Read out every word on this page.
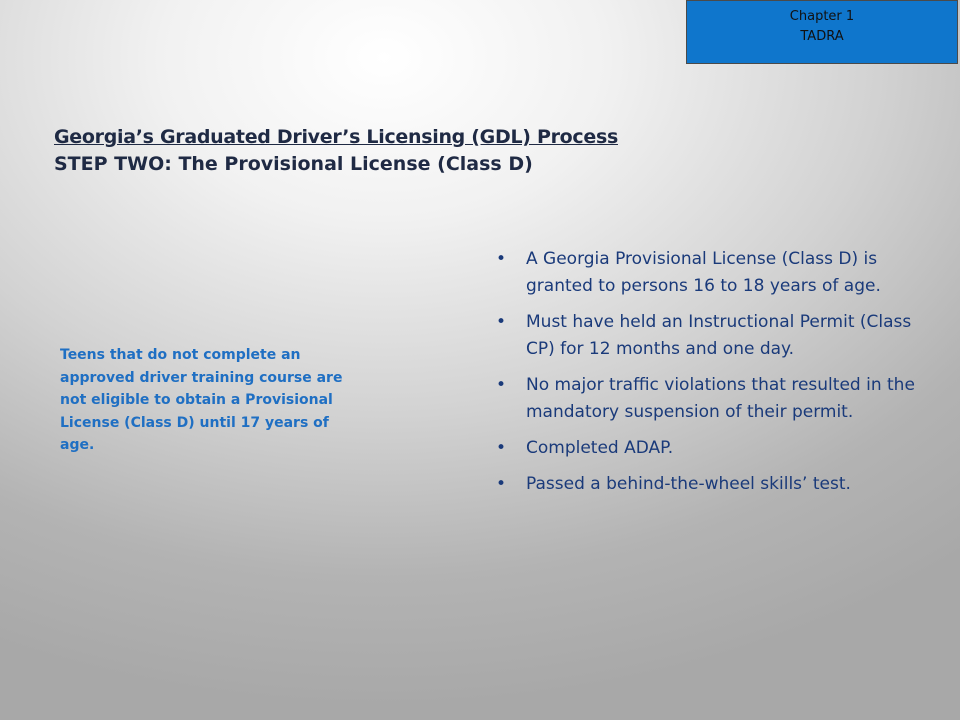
Chapter 1
TADRA
Georgia’s Graduated Driver’s Licensing (GDL) Process
STEP TWO: The Provisional License (Class D)
Teens that do not complete an approved driver training course are not eligible to obtain a Provisional License (Class D) until 17 years of age.
• A Georgia Provisional License (Class D) is granted to persons 16 to 18 years of age.
• Must have held an Instructional Permit (Class CP) for 12 months and one day.
• No major traffic violations that resulted in the mandatory suspension of their permit.
• Completed ADAP.
• Passed a behind-the-wheel skills’ test.
